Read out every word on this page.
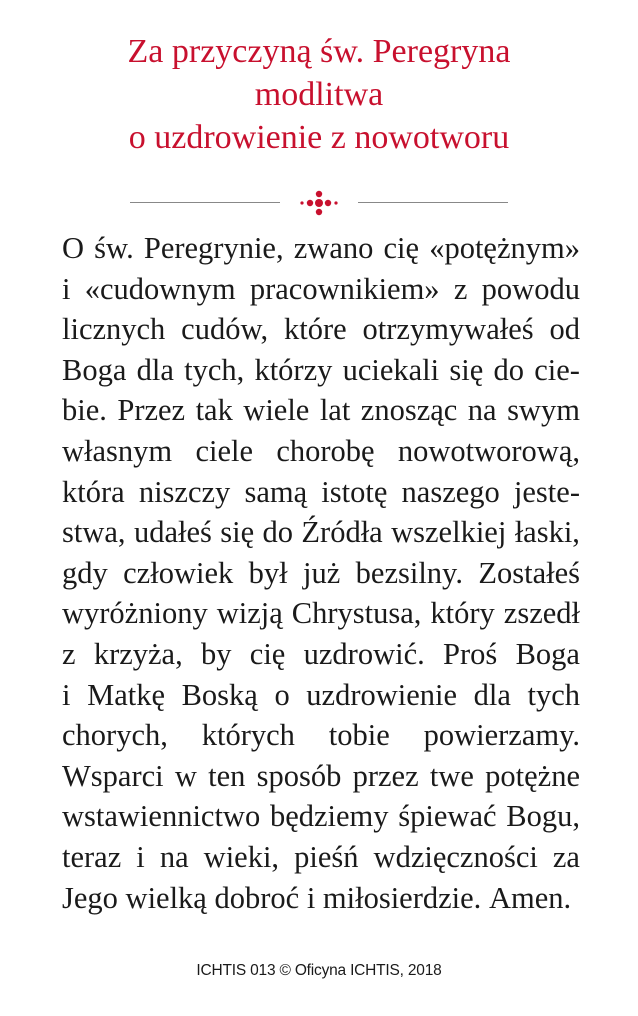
Za przyczyną św. Peregryna
modlitwa
o uzdrowienie z nowotworu
O św. Peregrynie, zwano cię «potężnym»
i «cudownym pracownikiem» z powodu
licznych cudów, które otrzymywałeś od
Boga dla tych, którzy uciekali się do cie-
bie. Przez tak wiele lat znosząc na swym
własnym ciele chorobę nowotworową,
która niszczy samą istotę naszego jeste-
stwa, udałeś się do Źródła wszelkiej łaski,
gdy człowiek był już bezsilny. Zostałeś
wyróżniony wizją Chrystusa, który zszedł
z krzyża, by cię uzdrowić. Proś Boga
i Matkę Boską o uzdrowienie dla tych
chorych, których tobie powierzamy.
Wsparci w ten sposób przez twe potężne
wstawiennictwo będziemy śpiewać Bogu,
teraz i na wieki, pieśń wdzięczności za
Jego wielką dobroć i miłosierdzie. Amen.
ICHTIS 013 © Oficyna ICHTIS, 2018
